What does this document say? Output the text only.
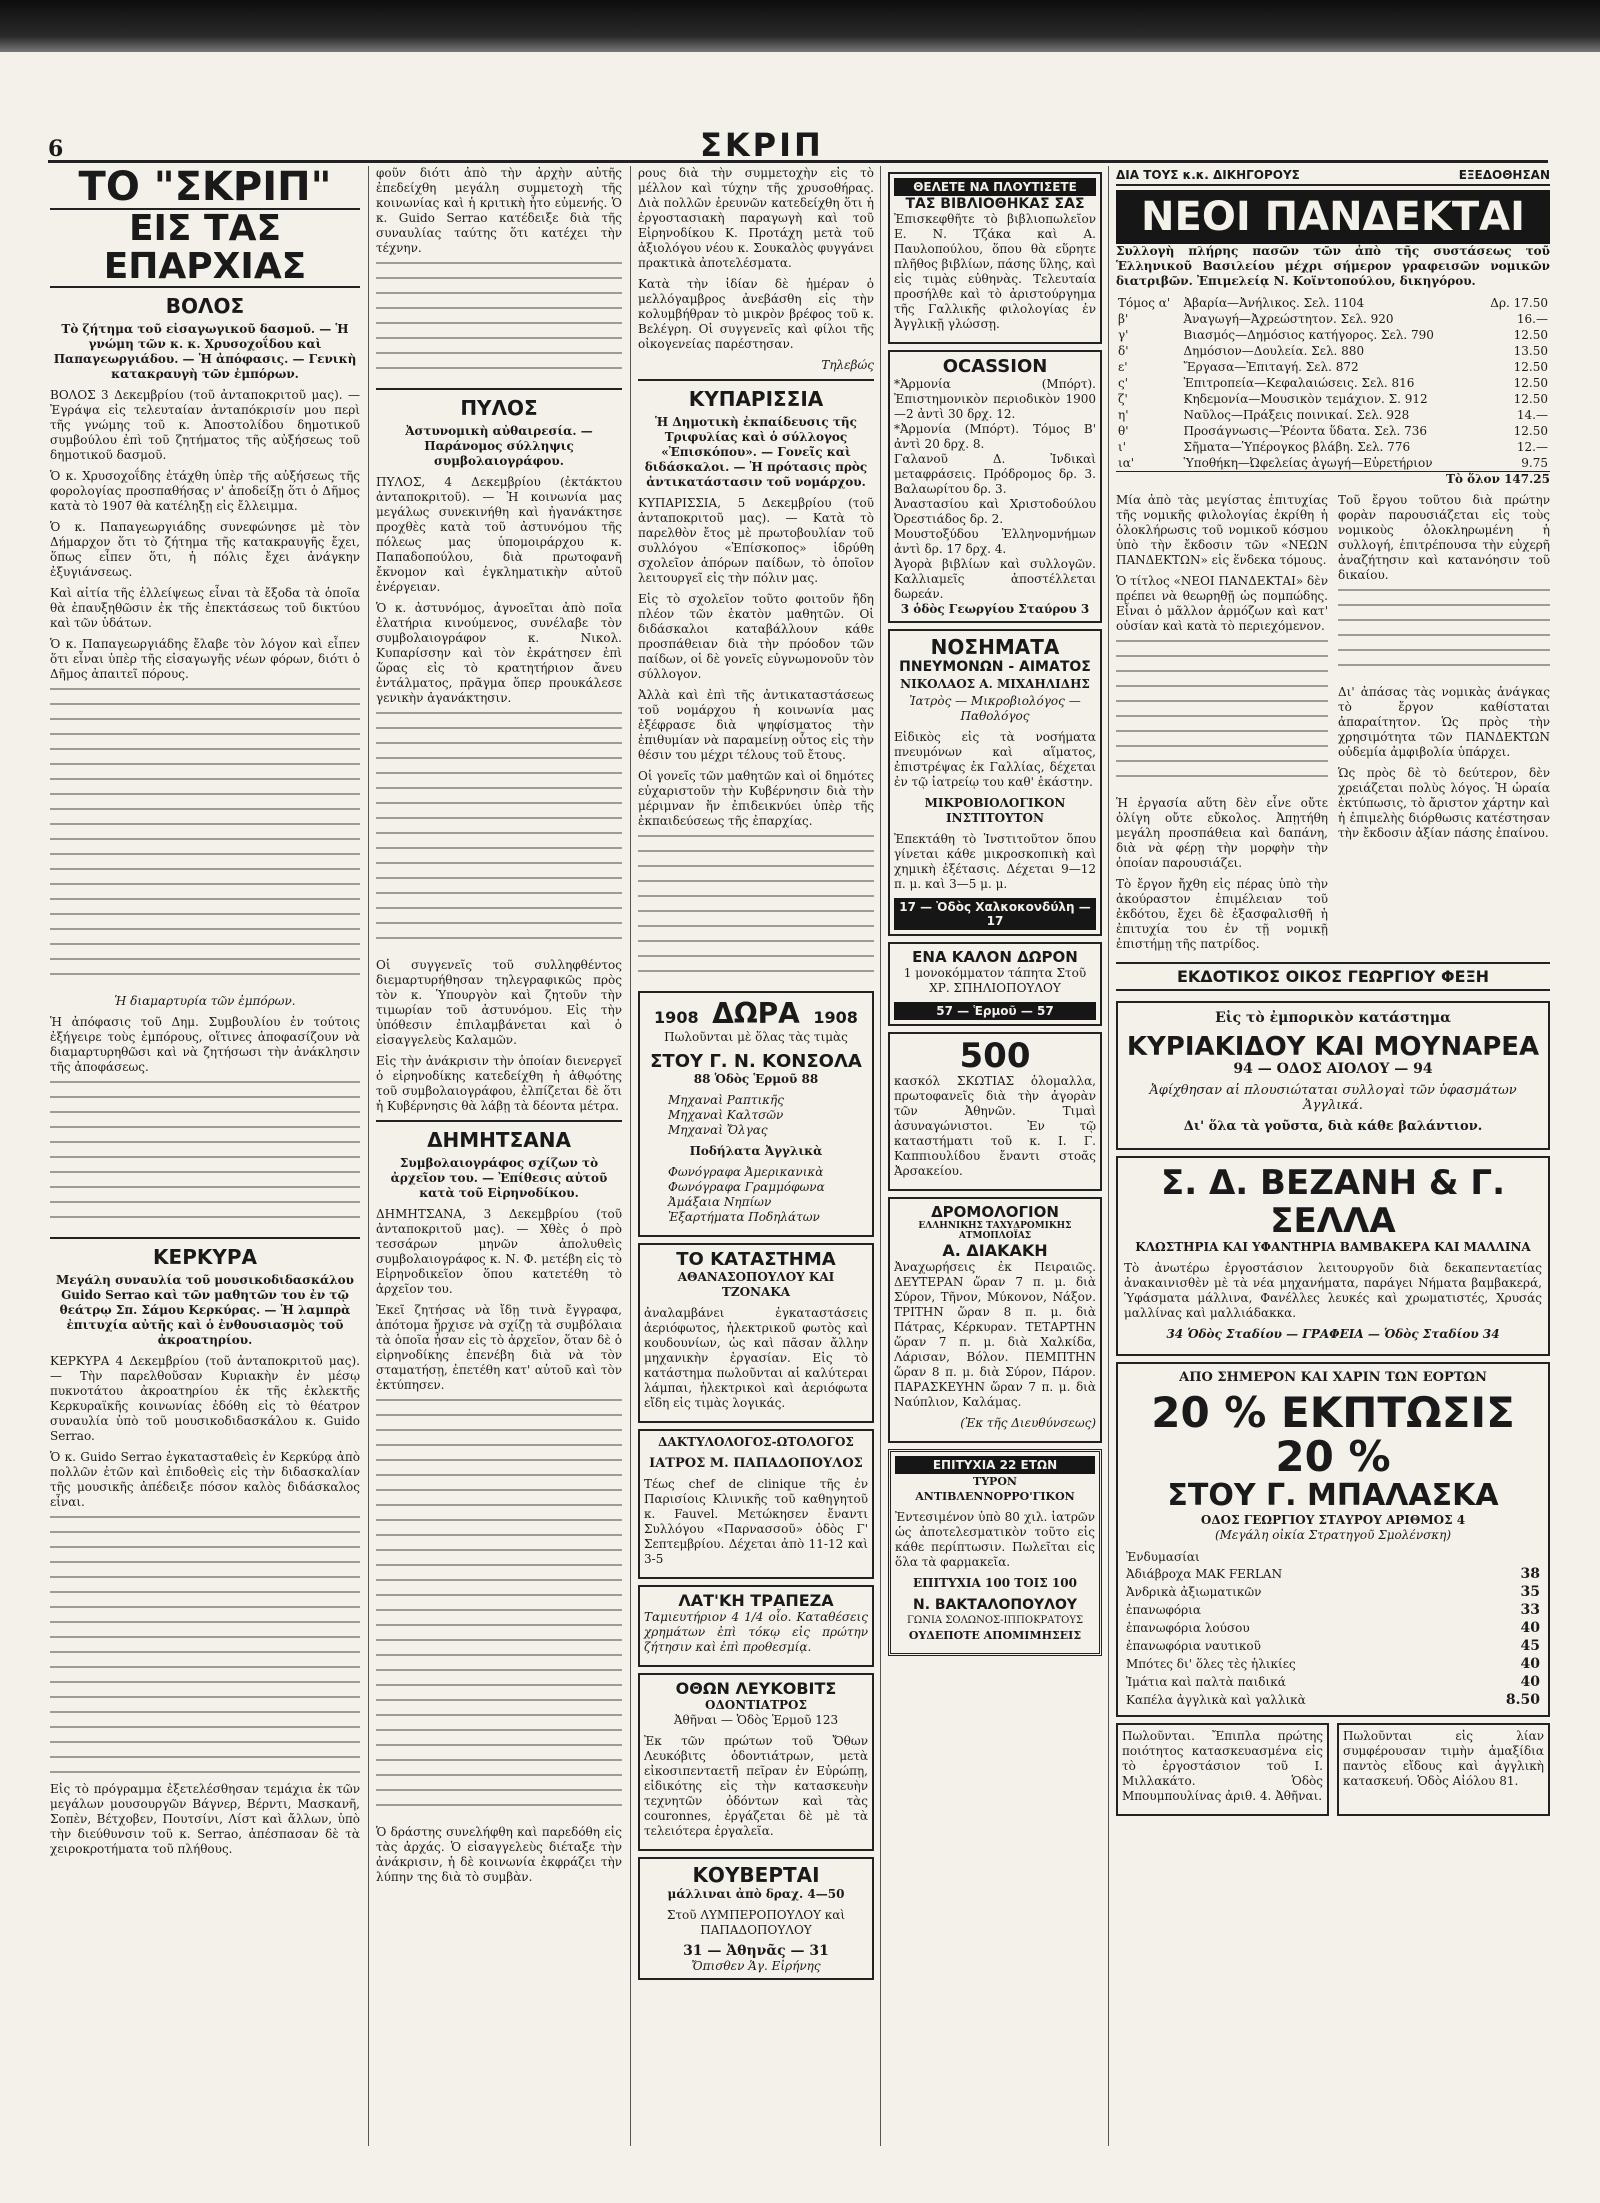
6	ΣΚΡΙΠ
ΤΟ "ΣΚΡΙΠ"
ΕΙΣ ΤΑΣ ΕΠΑΡΧΙΑΣ
ΒΟΛΟΣ

Τὸ ζήτημα τοῦ εἰσαγωγικοῦ δασμοῦ. — Ἡ γνώμη τῶν κ. κ. Χρυσοχοΐδου καὶ Παπαγεωργιάδου. — Ἡ ἀπόφασις. — Γενικὴ κατακραυγὴ τῶν ἐμπόρων.

ΒΟΛΟΣ 3 Δεκεμβρίου (τοῦ ἀνταποκριτοῦ μας). — Ἐγράψα εἰς τελευταίαν ἀνταπόκρισίν μου περὶ τῆς γνώμης τοῦ κ. Ἀποστολίδου δημοτικοῦ συμβούλου ἐπὶ τοῦ ζητήματος τῆς αὐξήσεως τοῦ δημοτικοῦ δασμοῦ.

Ὁ κ. Χρυσοχοΐδης ἐτάχθη ὑπὲρ τῆς αὐξήσεως τῆς φορολογίας προσπαθήσας ν' ἀποδείξῃ ὅτι ὁ Δῆμος κατὰ τὸ 1907 θὰ κατέληξῃ εἰς ἔλλειμμα.

Ὁ κ. Παπαγεωργιάδης συνεφώνησε μὲ τὸν Δήμαρχον ὅτι τὸ ζήτημα τῆς κατακραυγῆς ἔχει, ὅπως εἶπεν ὅτι, ἡ πόλις ἔχει ἀνάγκην ἐξυγιάνσεως.

Καὶ αἰτία τῆς ἐλλείψεως εἶναι τὰ ἔξοδα τὰ ὁποῖα θὰ ἐπαυξηθῶσιν ἐκ τῆς ἐπεκτάσεως τοῦ δικτύου καὶ τῶν ὑδάτων.

Ὁ κ. Παπαγεωργιάδης ἔλαβε τὸν λόγον καὶ εἶπεν ὅτι εἶναι ὑπὲρ τῆς εἰσαγωγῆς νέων φόρων, διότι ὁ Δῆμος ἀπαιτεῖ πόρους.

Ἡ διαμαρτυρία τῶν ἐμπόρων.

Ἡ ἀπόφασις τοῦ Δημ. Συμβουλίου ἐν τούτοις ἐξήγειρε τοὺς ἐμπόρους, οἵτινες ἀποφασίζουν νὰ διαμαρτυρηθῶσι καὶ νὰ ζητήσωσι τὴν ἀνάκλησιν τῆς ἀποφάσεως.

ΚΕΡΚΥΡΑ

Μεγάλη συναυλία τοῦ μουσικοδιδασκάλου Guido Serrao καὶ τῶν μαθητῶν του ἐν τῷ θεάτρῳ Σπ. Σάμου Κερκύρας. — Ἡ λαμπρὰ ἐπιτυχία αὐτῆς καὶ ὁ ἐνθουσιασμὸς τοῦ ἀκροατηρίου.

ΚΕΡΚΥΡΑ 4 Δεκεμβρίου (τοῦ ἀνταποκριτοῦ μας). — Τὴν παρελθοῦσαν Κυριακὴν ἐν μέσῳ πυκνοτάτου ἀκροατηρίου ἐκ τῆς ἐκλεκτῆς Κερκυραϊκῆς κοινωνίας ἐδόθη εἰς τὸ θέατρον συναυλία ὑπὸ τοῦ μουσικοδιδασκάλου κ. Guido Serrao.

Ὁ κ. Guido Serrao ἐγκατασταθεὶς ἐν Κερκύρᾳ ἀπὸ πολλῶν ἐτῶν καὶ ἐπιδοθεὶς εἰς τὴν διδασκαλίαν τῆς μουσικῆς ἀπέδειξε πόσον καλὸς διδάσκαλος εἶναι.

Εἰς τὸ πρόγραμμα ἐξετελέσθησαν τεμάχια ἐκ τῶν μεγάλων μουσουργῶν Βάγνερ, Βέρντι, Μασκανῆ, Σοπὲν, Βέτχοβεν, Πουτσίνι, Λίστ καὶ ἄλλων, ὑπὸ τὴν διεύθυνσιν τοῦ κ. Serrao, ἀπέσπασαν δὲ τὰ χειροκροτήματα τοῦ πλήθους.

φοῦν διότι ἀπὸ τὴν ἀρχὴν αὐτῆς ἐπεδείχθη μεγάλη συμμετοχὴ τῆς κοινωνίας καὶ ἡ κριτικὴ ἦτο εὐμενής. Ὁ κ. Guido Serrao κατέδειξε διὰ τῆς συναυλίας ταύτης ὅτι κατέχει τὴν τέχνην.

ΠΥΛΟΣ

Ἀστυνομικὴ αὐθαιρεσία. — Παράνομος σύλληψις συμβολαιογράφου.

ΠΥΛΟΣ, 4 Δεκεμβρίου (ἐκτάκτου ἀνταποκριτοῦ). — Ἡ κοινωνία μας μεγάλως συνεκινήθη καὶ ἠγανάκτησε προχθὲς κατὰ τοῦ ἀστυνόμου τῆς πόλεως μας ὑπομοιράρχου κ. Παπαδοπούλου, διὰ πρωτοφανῆ ἔκνομον καὶ ἐγκληματικὴν αὐτοῦ ἐνέργειαν.

Ὁ κ. ἀστυνόμος, ἀγνοεῖται ἀπὸ ποῖα ἐλατήρια κινούμενος, συνέλαβε τὸν συμβολαιογράφον κ. Νικολ. Κυπαρίσσην καὶ τὸν ἐκράτησεν ἐπὶ ὥρας εἰς τὸ κρατητήριον ἄνευ ἐντάλματος, πρᾶγμα ὅπερ προυκάλεσε γενικὴν ἀγανάκτησιν.

Οἱ συγγενεῖς τοῦ συλληφθέντος διεμαρτυρήθησαν τηλεγραφικῶς πρὸς τὸν κ. Ὑπουργὸν καὶ ζητοῦν τὴν τιμωρίαν τοῦ ἀστυνόμου. Εἰς τὴν ὑπόθεσιν ἐπιλαμβάνεται καὶ ὁ εἰσαγγελεὺς Καλαμῶν.

Εἰς τὴν ἀνάκρισιν τὴν ὁποίαν διενεργεῖ ὁ εἰρηνοδίκης κατεδείχθη ἡ ἀθῳότης τοῦ συμβολαιογράφου, ἐλπίζεται δὲ ὅτι ἡ Κυβέρνησις θὰ λάβῃ τὰ δέοντα μέτρα.

ΔΗΜΗΤΣΑΝΑ

Συμβολαιογράφος σχίζων τὸ ἀρχεῖον του. — Ἐπίθεσις αὐτοῦ κατὰ τοῦ Εἰρηνοδίκου.

ΔΗΜΗΤΣΑΝΑ, 3 Δεκεμβρίου (τοῦ ἀνταποκριτοῦ μας). — Χθὲς ὁ πρὸ τεσσάρων μηνῶν ἀπολυθεὶς συμβολαιογράφος κ. Ν. Φ. μετέβη εἰς τὸ Εἰρηνοδικεῖον ὅπου κατετέθη τὸ ἀρχεῖον του.

Ἐκεῖ ζητήσας νὰ ἴδῃ τινὰ ἔγγραφα, ἀπότομα ἤρχισε νὰ σχίζῃ τὰ συμβόλαια τὰ ὁποῖα ἦσαν εἰς τὸ ἀρχεῖον, ὅταν δὲ ὁ εἰρηνοδίκης ἐπενέβη διὰ νὰ τὸν σταματήσῃ, ἐπετέθη κατ' αὐτοῦ καὶ τὸν ἐκτύπησεν.

Ὁ δράστης συνελήφθη καὶ παρεδόθη εἰς τὰς ἀρχάς. Ὁ εἰσαγγελεὺς διέταξε τὴν ἀνάκρισιν, ἡ δὲ κοινωνία ἐκφράζει τὴν λύπην της διὰ τὸ συμβὰν.

ρους διὰ τὴν συμμετοχὴν εἰς τὸ μέλλον καὶ τύχην τῆς χρυσοθήρας. Διὰ πολλῶν ἐρευνῶν κατεδείχθη ὅτι ἡ ἐργοστασιακὴ παραγωγὴ καὶ τοῦ Εἰρηνοδίκου Κ. Προτάχη μετὰ τοῦ ἀξιολόγου νέου κ. Σουκαλὸς φυγγάνει πρακτικὰ ἀποτελέσματα.

Κατὰ τὴν ἰδίαν δὲ ἡμέραν ὁ μελλόγαμβρος ἀνεβάσθη εἰς τὴν κολυμβήθραν τὸ μικρὸν βρέφος τοῦ κ. Βελέγρη. Οἱ συγγενεῖς καὶ φίλοι τῆς οἰκογενείας παρέστησαν.

Τηλεβώς

ΚΥΠΑΡΙΣΣΙΑ

Ἡ Δημοτικὴ ἐκπαίδευσις τῆς Τριφυλίας καὶ ὁ σύλλογος «Ἐπισκόπου». — Γονεῖς καὶ διδάσκαλοι. — Ἡ πρότασις πρὸς ἀντικατάστασιν τοῦ νομάρχου.

ΚΥΠΑΡΙΣΣΙΑ, 5 Δεκεμβρίου (τοῦ ἀνταποκριτοῦ μας). — Κατὰ τὸ παρελθὸν ἔτος μὲ πρωτοβουλίαν τοῦ συλλόγου «Ἐπίσκοπος» ἱδρύθη σχολεῖον ἀπόρων παίδων, τὸ ὁποῖον λειτουργεῖ εἰς τὴν πόλιν μας.

Εἰς τὸ σχολεῖον τοῦτο φοιτοῦν ἤδη πλέον τῶν ἑκατὸν μαθητῶν. Οἱ διδάσκαλοι καταβάλλουν κάθε προσπάθειαν διὰ τὴν πρόοδον τῶν παίδων, οἱ δὲ γονεῖς εὐγνωμονοῦν τὸν σύλλογον.

Ἀλλὰ καὶ ἐπὶ τῆς ἀντικαταστάσεως τοῦ νομάρχου ἡ κοινωνία μας ἐξέφρασε διὰ ψηφίσματος τὴν ἐπιθυμίαν νὰ παραμείνῃ οὗτος εἰς τὴν θέσιν του μέχρι τέλους τοῦ ἔτους.

Οἱ γονεῖς τῶν μαθητῶν καὶ οἱ δημότες εὐχαριστοῦν τὴν Κυβέρνησιν διὰ τὴν μέριμναν ἥν ἐπιδεικνύει ὑπὲρ τῆς ἐκπαιδεύσεως τῆς ἐπαρχίας.

1908 ΔΩΡΑ 1908
Πωλοῦνται μὲ ὅλας τὰς τιμὰς
ΣΤΟΥ Γ. Ν. ΚΟΝΣΟΛΑ
88 Ὁδὸς Ἑρμοῦ 88
Μηχαναὶ Ραπτικῆς
Μηχαναὶ Καλτσῶν
Μηχαναὶ Ὄλγας
Ποδήλατα Ἀγγλικὰ
Φωνόγραφα Ἀμερικανικὰ
Φωνόγραφα Γραμμόφωνα
Ἀμάξαια Νηπίων
Ἐξαρτήματα Ποδηλάτων
ΤΟ ΚΑΤΑΣΤΗΜΑ
ΑΘΑΝΑΣΟΠΟΥΛΟΥ ΚΑΙ ΤΖΟΝΑΚΑ

ἀναλαμβάνει ἐγκαταστάσεις ἀεριόφωτος, ἠλεκτρικοῦ φωτὸς καὶ κουδουνίων, ὡς καὶ πᾶσαν ἄλλην μηχανικὴν ἐργασίαν. Εἰς τὸ κατάστημα πωλοῦνται αἱ καλύτεραι λάμπαι, ἠλεκτρικοὶ καὶ ἀεριόφωτα εἴδη εἰς τιμὰς λογικάς.

ΔΑΚΤΥΛΟΛΟΓΟΣ-ΩΤΟΛΟΓΟΣ
ΙΑΤΡΟΣ Μ. ΠΑΠΑΔΟΠΟΥΛΟΣ

Τέως chef de clinique τῆς ἐν Παρισίοις Κλινικῆς τοῦ καθηγητοῦ κ. Fauvel. Μετώκησεν ἔναντι Συλλόγου «Παρνασσοῦ» ὁδὸς Γ' Σεπτεμβρίου. Δέχεται ἀπὸ 11-12 καὶ 3-5

ΛΑΤ'ΚΗ ΤΡΑΠΕΖΑ

Ταμιευτήριον 4 1/4 οἷο. Καταθέσεις χρημάτων ἐπὶ τόκῳ εἰς πρώτην ζήτησιν καὶ ἐπὶ προθεσμίᾳ.

ΟΘΩΝ ΛΕΥΚΟΒΙΤΣ
ΟΔΟΝΤΙΑΤΡΟΣ
Ἀθῆναι — Ὁδὸς Ἑρμοῦ 123

Ἐκ τῶν πρώτων τοῦ Ὄθων Λευκόβιτς ὁδοντιάτρων, μετὰ εἰκοσιπενταετῆ πεῖραν ἐν Εὐρώπῃ, εἰδικότης εἰς τὴν κατασκευὴν τεχνητῶν ὀδόντων καὶ τὰς couronnes, ἐργάζεται δὲ μὲ τὰ τελειότερα ἐργαλεῖα.

ΚΟΥΒΕΡΤΑΙ
μάλλιναι ἀπὸ δραχ. 4—50
Στοῦ ΛΥΜΠΕΡΟΠΟΥΛΟΥ καὶ ΠΑΠΑΔΟΠΟΥΛΟΥ
31 — Ἀθηνᾶς — 31
Ὄπισθεν Ἁγ. Εἰρήνης
ΘΕΛΕΤΕ ΝΑ ΠΛΟΥΤΙΣΕΤΕ
ΤΑΣ ΒΙΒΛΙΟΘΗΚΑΣ ΣΑΣ

Ἐπισκεφθῆτε τὸ βιβλιοπωλεῖον Ε. Ν. Τζάκα καὶ Α. Παυλοπούλου, ὅπου θὰ εὕρητε πλῆθος βιβλίων, πάσης ὕλης, καὶ εἰς τιμὰς εὐθηνὰς. Τελευταία προσήλθε καὶ τὸ ἀριστούργημα τῆς Γαλλικῆς φιλολογίας ἐν Ἀγγλικῇ γλώσσῃ.

OCASSION
*Ἀρμονία (Μπόρτ). Ἐπιστημονικὸν περιοδικὸν 1900—2 ἀντὶ 30 δρχ. 12.
*Ἀρμονία (Μπόρτ). Τόμος Β' ἀντὶ 20 δρχ. 8.
Γαλανοῦ Δ. Ἰνδικαὶ μεταφράσεις. Πρόδρομος δρ. 3. Βαλαωρίτου δρ. 3.
Ἀναστασίου καὶ Χριστοδούλου Ὀρεστιάδος δρ. 2.
Μουστοξύδου Ἑλληνομνήμων ἀντὶ δρ. 17 δρχ. 4.
Ἀγορὰ βιβλίων καὶ συλλογῶν. Καλλιαμεῖς ἀποστέλλεται δωρεάν.
3 ὁδὸς Γεωργίου Σταύρου 3
ΝΟΣΗΜΑΤΑ
ΠΝΕΥΜΟΝΩΝ - ΑΙΜΑΤΟΣ
ΝΙΚΟΛΑΟΣ Α. ΜΙΧΑΗΛΙΔΗΣ
Ἰατρὸς — Μικροβιολόγος — Παθολόγος

Εἰδικὸς εἰς τὰ νοσήματα πνευμόνων καὶ αἵματος, ἐπιστρέψας ἐκ Γαλλίας, δέχεται ἐν τῷ ἰατρείῳ του καθ' ἑκάστην.

ΜΙΚΡΟΒΙΟΛΟΓΙΚΟΝ ΙΝΣΤΙΤΟΥΤΟΝ

Ἐπεκτάθη τὸ Ἰνστιτοῦτον ὅπου γίνεται κάθε μικροσκοπικὴ καὶ χημικὴ ἐξέτασις. Δέχεται 9—12 π. μ. καὶ 3—5 μ. μ.

17 — Ὁδὸς Χαλκοκονδύλη — 17
ΕΝΑ ΚΑΛΟΝ ΔΩΡΟΝ
1 μονοκόμματον τάπητα Στοῦ ΧΡ. ΣΠΗΛΙΟΠΟΥΛΟΥ
57 — Ἑρμοῦ — 57
500

κασκόλ ΣΚΩΤΙΑΣ ὁλομαλλα, πρωτοφανεῖς διὰ τὴν ἀγορὰν τῶν Ἀθηνῶν. Τιμαὶ ἀσυναγώνιστοι. Ἐν τῷ καταστήματι τοῦ κ. Ι. Γ. Καππιουλίδου ἔναντι στοᾶς Ἀρσακείου.

ΔΡΟΜΟΛΟΓΙΟΝ
ΕΛΛΗΝΙΚΗΣ ΤΑΧΥΔΡΟΜΙΚΗΣ ΑΤΜΟΠΛΟΪΑΣ
Α. ΔΙΑΚΑΚΗ

Ἀναχωρήσεις ἐκ Πειραιῶς. ΔΕΥΤΕΡΑΝ ὥραν 7 π. μ. διὰ Σύρον, Τῆνον, Μύκονον, Νάξον. ΤΡΙΤΗΝ ὥραν 8 π. μ. διὰ Πάτρας, Κέρκυραν. ΤΕΤΑΡΤΗΝ ὥραν 7 π. μ. διὰ Χαλκίδα, Λάρισαν, Βόλον. ΠΕΜΠΤΗΝ ὥραν 8 π. μ. διὰ Σύρον, Πάρον. ΠΑΡΑΣΚΕΥΗΝ ὥραν 7 π. μ. διὰ Ναύπλιον, Καλάμας.

(Ἐκ τῆς Διευθύνσεως)
ΕΠΙΤΥΧΙΑ 22 ΕΤΩΝ
ΤΥΡΟΝ ΑΝΤΙΒΛΕΝΝΟΡΡΟ'ΓΙΚΟΝ

Ἐντεσιμένον ὑπὸ 80 χιλ. ἰατρῶν ὡς ἀποτελεσματικὸν τοῦτο εἰς κάθε περίπτωσιν. Πωλεῖται εἰς ὅλα τὰ φαρμακεῖα.

ΕΠΙΤΥΧΙΑ 100 ΤΟΙΣ 100
Ν. ΒΑΚΤΑΛΟΠΟΥΛΟΥ
ΓΩΝΙΑ ΣΟΛΩΝΟΣ-ΙΠΠΟΚΡΑΤΟΥΣ
ΟΥΔΕΠΟΤΕ ΑΠΟΜΙΜΗΣΕΙΣ
ΔΙΑ ΤΟΥΣ κ.κ. ΔΙΚΗΓΟΡΟΥΣ	ΕΞΕΔΟΘΗΣΑΝ
ΝΕΟΙ ΠΑΝΔΕΚΤΑΙ

Συλλογὴ πλήρης πασῶν τῶν ἀπὸ τῆς συστάσεως τοῦ Ἑλληνικοῦ Βασιλείου μέχρι σήμερον γραφεισῶν νομικῶν διατριβῶν. Ἐπιμελείᾳ Ν. Κοϊντοπούλου, δικηγόρου.

Τόμος α'	Ἀβαρία—Ἀνήλικος. Σελ. 1104	Δρ. 17.50
β'	Ἀναγωγή—Ἀχρεώστητον. Σελ. 920	16.—
γ'	Βιασμός—Δημόσιος κατήγορος. Σελ. 790	12.50
δ'	Δημόσιον—Δουλεία. Σελ. 880	13.50
ε'	Ἔργασα—Ἐπιταγή. Σελ. 872	12.50
ς'	Ἐπιτροπεία—Κεφαλαιώσεις. Σελ. 816	12.50
ζ'	Κηδεμονία—Μουσικὸν τεμάχιον. Σ. 912	12.50
η'	Ναῦλος—Πράξεις ποινικαί. Σελ. 928	14.—
θ'	Προσάγνωσις—Ῥέοντα ὕδατα. Σελ. 736	12.50
ι'	Σῆματα—Ὑπέρογκος βλάβη. Σελ. 776	12.—
ια'	Ὑποθήκη—Ὠφελείας ἀγωγή—Εὑρετήριον	9.75
Τὸ ὅλον 147.25

Μία ἀπὸ τὰς μεγίστας ἐπιτυχίας τῆς νομικῆς φιλολογίας ἐκρίθη ἡ ὁλοκλήρωσις τοῦ νομικοῦ κόσμου ὑπὸ τὴν ἔκδοσιν τῶν «ΝΕΩΝ ΠΑΝΔΕΚΤΩΝ» εἰς ἕνδεκα τόμους.

Ὁ τίτλος «ΝΕΟΙ ΠΑΝΔΕΚΤΑΙ» δὲν πρέπει νὰ θεωρηθῇ ὡς πομπώδης. Εἶναι ὁ μᾶλλον ἁρμόζων καὶ κατ' οὐσίαν καὶ κατὰ τὸ περιεχόμενον.

Ἡ ἐργασία αὕτη δὲν εἶνε οὔτε ὀλίγη οὔτε εὔκολος. Ἀπῃτήθη μεγάλη προσπάθεια καὶ δαπάνη, διὰ νὰ φέρῃ τὴν μορφὴν τὴν ὁποίαν παρουσιάζει.

Τὸ ἔργον ἤχθη εἰς πέρας ὑπὸ τὴν ἀκούραστον ἐπιμέλειαν τοῦ ἐκδότου, ἔχει δὲ ἐξασφαλισθῆ ἡ ἐπιτυχία του ἐν τῇ νομικῇ ἐπιστήμῃ τῆς πατρίδος.

Τοῦ ἔργου τοῦτου διὰ πρώτην φορὰν παρουσιάζεται εἰς τοὺς νομικοὺς ὁλοκληρωμένη ἡ συλλογή, ἐπιτρέπουσα τὴν εὐχερῆ ἀναζήτησιν καὶ κατανόησιν τοῦ δικαίου.

Δι' ἀπάσας τὰς νομικὰς ἀνάγκας τὸ ἔργον καθίσταται ἀπαραίτητον. Ὡς πρὸς τὴν χρησιμότητα τῶν ΠΑΝΔΕΚΤΩΝ οὐδεμία ἀμφιβολία ὑπάρχει.

Ὡς πρὸς δὲ τὸ δεύτερον, δὲν χρειάζεται πολὺς λόγος. Ἡ ὡραία ἐκτύπωσις, τὸ ἄριστον χάρτην καὶ ἡ ἐπιμελὴς διόρθωσις κατέστησαν τὴν ἔκδοσιν ἀξίαν πάσης ἐπαίνου.

ΕΚΔΟΤΙΚΟΣ ΟΙΚΟΣ ΓΕΩΡΓΙΟΥ ΦΕΞΗ
Εἰς τὸ ἐμπορικὸν κατάστημα
ΚΥΡΙΑΚΙΔΟΥ ΚΑΙ ΜΟΥΝΑΡΕΑ
94 — ΟΔΟΣ ΑΙΟΛΟΥ — 94
Ἀφίχθησαν αἱ πλουσιώταται συλλογαὶ τῶν ὑφασμάτων Ἀγγλικά.
Δι' ὅλα τὰ γοῦστα, διὰ κάθε βαλάντιον.
Σ. Δ. ΒΕΖΑΝΗ & Γ. ΣΕΛΛΑ
ΚΛΩΣΤΗΡΙΑ ΚΑΙ ΥΦΑΝΤΗΡΙΑ ΒΑΜΒΑΚΕΡΑ ΚΑΙ ΜΑΛΛΙΝΑ

Τὸ ἀνωτέρω ἐργοστάσιον λειτουργοῦν διὰ δεκαπενταετίας ἀνακαινισθὲν μὲ τὰ νέα μηχανήματα, παράγει Νήματα βαμβακερά, Ὑφάσματα μάλλινα, Φανέλλες λευκές καὶ χρωματιστές, Χρυσάς μαλλίνας καὶ μαλλιάδακκα.

34 Ὁδὸς Σταδίου — ΓΡΑΦΕΙΑ — Ὁδὸς Σταδίου 34
ΑΠΟ ΣΗΜΕΡΟΝ ΚΑΙ ΧΑΡΙΝ ΤΩΝ ΕΟΡΤΩΝ
20 % ΕΚΠΤΩΣΙΣ 20 %
ΣΤΟΥ Γ. ΜΠΑΛΑΣΚΑ
ΟΔΟΣ ΓΕΩΡΓΙΟΥ ΣΤΑΥΡΟΥ ΑΡΙΘΜΟΣ 4
(Μεγάλη οἰκία Στρατηγοῦ Σμολένσκη)
Ἐνδυμασίαι	
Ἀδιάβροχα ΜΑΚ FERLAN	38
Ἀνδρικὰ ἀξιωματικῶν	35
ἐπανωφόρια	33
ἐπανωφόρια λούσου	40
ἐπανωφόρια ναυτικοῦ	45
Μπότες δι' ὅλες τὲς ἡλικίες	40
Ἱμάτια καὶ παλτὰ παιδικά	40
Καπέλα ἀγγλικὰ καὶ γαλλικὰ	8.50

Πωλοῦνται. Ἔπιπλα πρώτης ποιότητος κατασκευασμένα εἰς τὸ ἐργοστάσιον τοῦ Ι. Μιλλακάτο. Ὁδὸς Μπουμπουλίνας ἀριθ. 4. Ἀθῆναι.

Πωλοῦνται εἰς λίαν συμφέρουσαν τιμὴν ἀμαξίδια παντὸς εἴδους καὶ ἀγγλικὴ κατασκευή. Ὁδὸς Αἰόλου 81.
